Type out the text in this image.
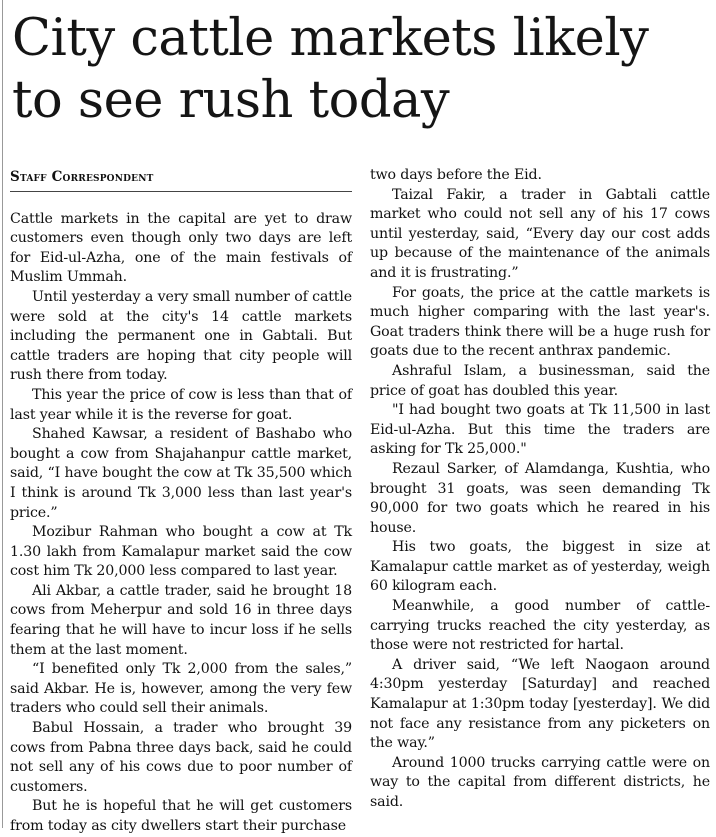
City cattle markets likely to see rush today
Staff Correspondent

Cattle markets in the capital are yet to draw customers even though only two days are left for Eid-ul-Azha, one of the main festivals of Muslim Ummah.

Until yesterday a very small number of cattle were sold at the city's 14 cattle markets including the permanent one in Gabtali. But cattle traders are hoping that city people will rush there from today.

This year the price of cow is less than that of last year while it is the reverse for goat.

Shahed Kawsar, a resident of Bashabo who bought a cow from Shajahanpur cattle market, said, “I have bought the cow at Tk 35,500 which I think is around Tk 3,000 less than last year's price.”

Mozibur Rahman who bought a cow at Tk 1.30 lakh from Kamalapur market said the cow cost him Tk 20,000 less compared to last year.

Ali Akbar, a cattle trader, said he brought 18 cows from Meherpur and sold 16 in three days fearing that he will have to incur loss if he sells them at the last moment.

“I benefited only Tk 2,000 from the sales,” said Akbar. He is, however, among the very few traders who could sell their animals.

Babul Hossain, a trader who brought 39 cows from Pabna three days back, said he could not sell any of his cows due to poor number of customers.

But he is hopeful that he will get customers from today as city dwellers start their purchase

two days before the Eid.

Taizal Fakir, a trader in Gabtali cattle market who could not sell any of his 17 cows until yesterday, said, “Every day our cost adds up because of the maintenance of the animals and it is frustrating.”

For goats, the price at the cattle markets is much higher comparing with the last year's. Goat traders think there will be a huge rush for goats due to the recent anthrax pandemic.

Ashraful Islam, a businessman, said the price of goat has doubled this year.

"I had bought two goats at Tk 11,500 in last Eid-ul-Azha. But this time the traders are asking for Tk 25,000."

Rezaul Sarker, of Alamdanga, Kushtia, who brought 31 goats, was seen demanding Tk 90,000 for two goats which he reared in his house.

His two goats, the biggest in size at Kamalapur cattle market as of yesterday, weigh 60 kilogram each.

Meanwhile, a good number of cattle-carrying trucks reached the city yesterday, as those were not restricted for hartal.

A driver said, “We left Naogaon around 4:30pm yesterday [Saturday] and reached Kamalapur at 1:30pm today [yesterday]. We did not face any resistance from any picketers on the way.”

Around 1000 trucks carrying cattle were on way to the capital from different districts, he said.
